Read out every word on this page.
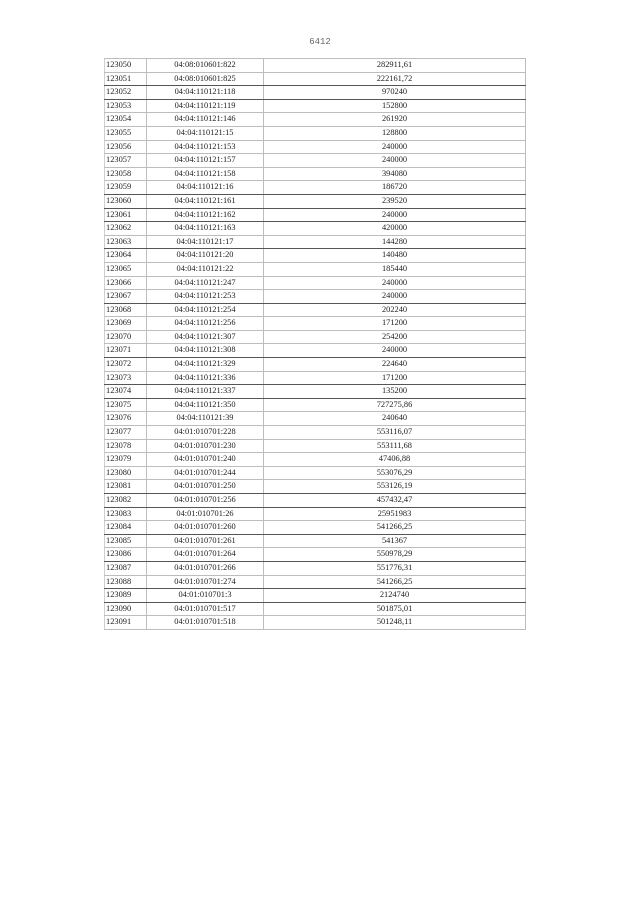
6412
123050	04:08:010601:822	282911,61
123051	04:08:010601:825	222161,72
123052	04:04:110121:118	970240
123053	04:04:110121:119	152800
123054	04:04:110121:146	261920
123055	04:04:110121:15	128800
123056	04:04:110121:153	240000
123057	04:04:110121:157	240000
123058	04:04:110121:158	394080
123059	04:04:110121:16	186720
123060	04:04:110121:161	239520
123061	04:04:110121:162	240000
123062	04:04:110121:163	420000
123063	04:04:110121:17	144280
123064	04:04:110121:20	140480
123065	04:04:110121:22	185440
123066	04:04:110121:247	240000
123067	04:04:110121:253	240000
123068	04:04:110121:254	202240
123069	04:04:110121:256	171200
123070	04:04:110121:307	254200
123071	04:04:110121:308	240000
123072	04:04:110121:329	224640
123073	04:04:110121:336	171200
123074	04:04:110121:337	135200
123075	04:04:110121:350	727275,86
123076	04:04:110121:39	240640
123077	04:01:010701:228	553116,07
123078	04:01:010701:230	553111,68
123079	04:01:010701:240	47406,88
123080	04:01:010701:244	553076,29
123081	04:01:010701:250	553126,19
123082	04:01:010701:256	457432,47
123083	04:01:010701:26	25951983
123084	04:01:010701:260	541266,25
123085	04:01:010701:261	541367
123086	04:01:010701:264	550978,29
123087	04:01:010701:266	551776,31
123088	04:01:010701:274	541266,25
123089	04:01:010701:3	2124740
123090	04:01:010701:517	501875,01
123091	04:01:010701:518	501248,11
